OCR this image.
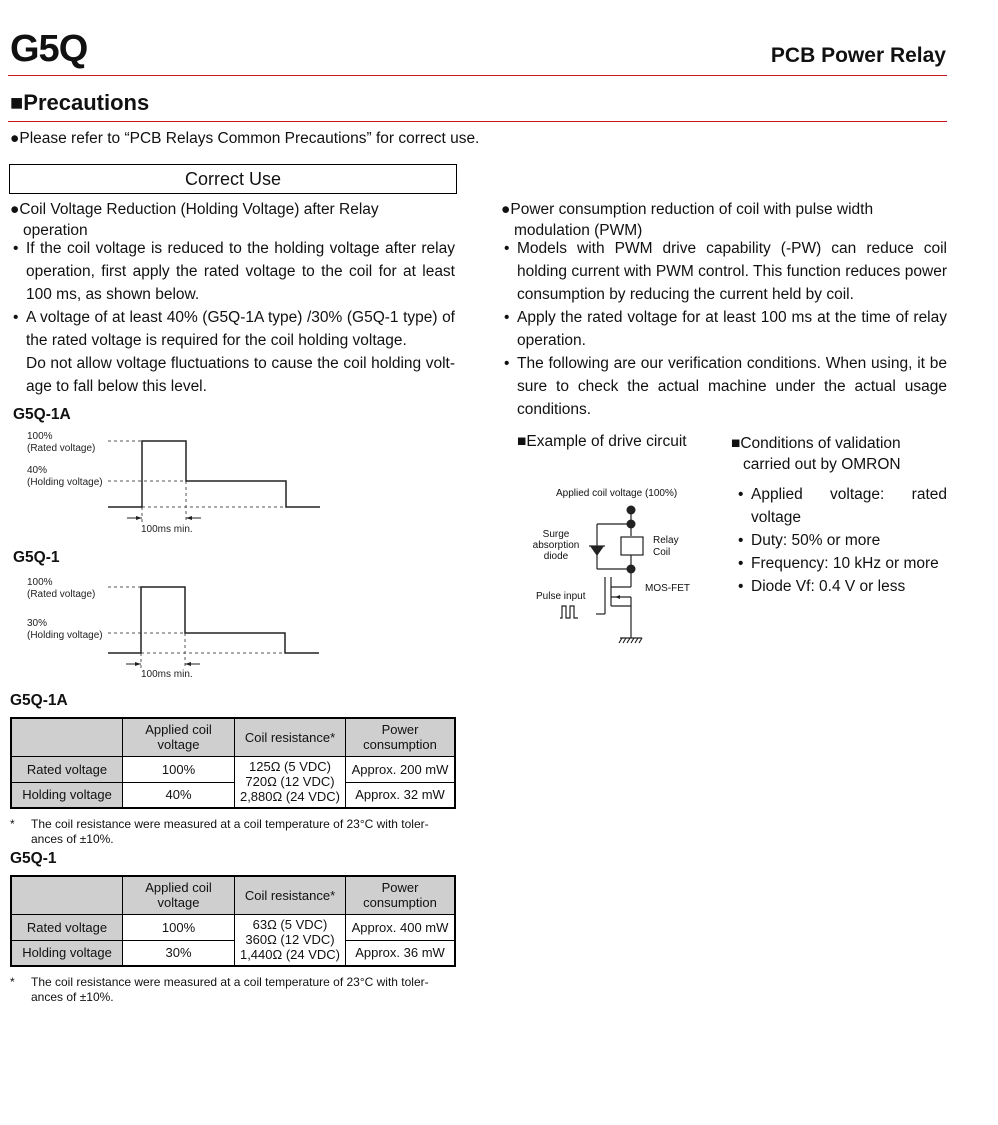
G5Q	PCB Power Relay
■Precautions
●Please refer to “PCB Relays Common Precautions” for correct use.
Correct Use
●Coil Voltage Reduction (Holding Voltage) after Relay operation
• If the coil voltage is reduced to the holding voltage after relay operation, first apply the rated voltage to the coil for at least 100 ms, as shown below.
• A voltage of at least 40% (G5Q-1A type) /30% (G5Q-1 type) of the rated voltage is required for the coil holding voltage.
Do not allow voltage fluctuations to cause the coil holding volt-age to fall below this level.
G5Q-1A
100%
(Rated voltage)
40%
(Holding voltage)
100ms min.
G5Q-1
100%
(Rated voltage)
30%
(Holding voltage)
100ms min.
G5Q-1A
	Applied coil voltage	Coil resistance*	Power consumption
Rated voltage	100%	125Ω (5 VDC)
720Ω (12 VDC)
2,880Ω (24 VDC)	Approx. 200 mW
Holding voltage	40%		Approx. 32 mW
* The coil resistance were measured at a coil temperature of 23°C with toler-ances of ±10%.
G5Q-1
	Applied coil voltage	Coil resistance*	Power consumption
Rated voltage	100%	63Ω (5 VDC)
360Ω (12 VDC)
1,440Ω (24 VDC)	Approx. 400 mW
Holding voltage	30%		Approx. 36 mW
* The coil resistance were measured at a coil temperature of 23°C with toler-ances of ±10%.
●Power consumption reduction of coil with pulse width modulation (PWM)
• Models with PWM drive capability (-PW) can reduce coil holding current with PWM control. This function reduces power consumption by reducing the current held by coil.
• Apply the rated voltage for at least 100 ms at the time of relay operation.
• The following are our verification conditions. When using, it be sure to check the actual machine under the actual usage conditions.
■Example of drive circuit	■Conditions of validation carried out by OMRON
Applied coil voltage (100%)
Surge
absorption
diode
Relay
Coil
MOS-FET
Pulse input
• Applied voltage: rated voltage
• Duty: 50% or more
• Frequency: 10 kHz or more
• Diode Vf: 0.4 V or less
